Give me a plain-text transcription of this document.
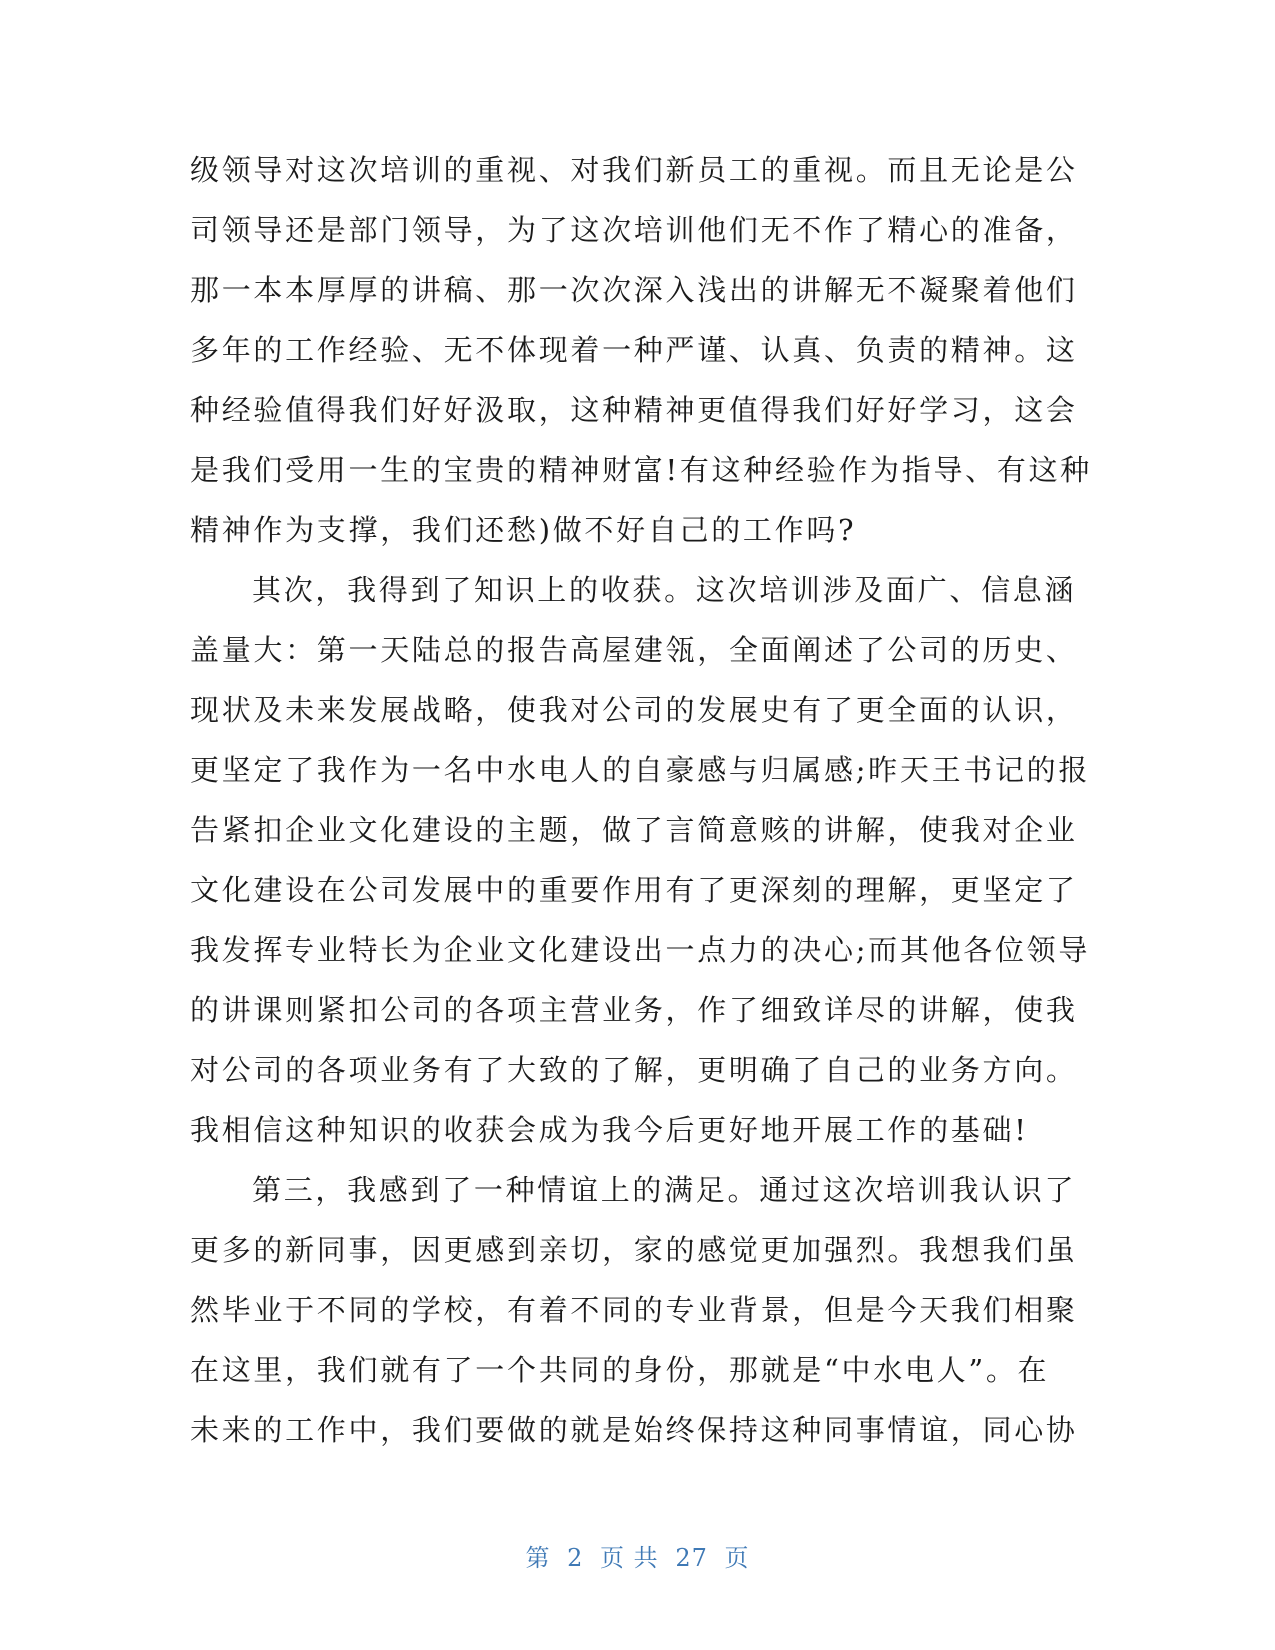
级领导对这次培训的重视、对我们新员工的重视。而且无论是公
司领导还是部门领导，为了这次培训他们无不作了精心的准备，
那一本本厚厚的讲稿、那一次次深入浅出的讲解无不凝聚着他们
多年的工作经验、无不体现着一种严谨、认真、负责的精神。这
种经验值得我们好好汲取，这种精神更值得我们好好学习，这会
是我们受用一生的宝贵的精神财富!有这种经验作为指导、有这种
精神作为支撑，我们还愁)做不好自己的工作吗?
其次，我得到了知识上的收获。这次培训涉及面广、信息涵
盖量大：第一天陆总的报告高屋建瓴，全面阐述了公司的历史、
现状及未来发展战略，使我对公司的发展史有了更全面的认识，
更坚定了我作为一名中水电人的自豪感与归属感;昨天王书记的报
告紧扣企业文化建设的主题，做了言简意赅的讲解，使我对企业
文化建设在公司发展中的重要作用有了更深刻的理解，更坚定了
我发挥专业特长为企业文化建设出一点力的决心;而其他各位领导
的讲课则紧扣公司的各项主营业务，作了细致详尽的讲解，使我
对公司的各项业务有了大致的了解，更明确了自己的业务方向。
我相信这种知识的收获会成为我今后更好地开展工作的基础!
第三，我感到了一种情谊上的满足。通过这次培训我认识了
更多的新同事，因更感到亲切，家的感觉更加强烈。我想我们虽
然毕业于不同的学校，有着不同的专业背景，但是今天我们相聚
在这里，我们就有了一个共同的身份，那就是“中水电人”。在
未来的工作中，我们要做的就是始终保持这种同事情谊，同心协
第 2 页 共 27 页
